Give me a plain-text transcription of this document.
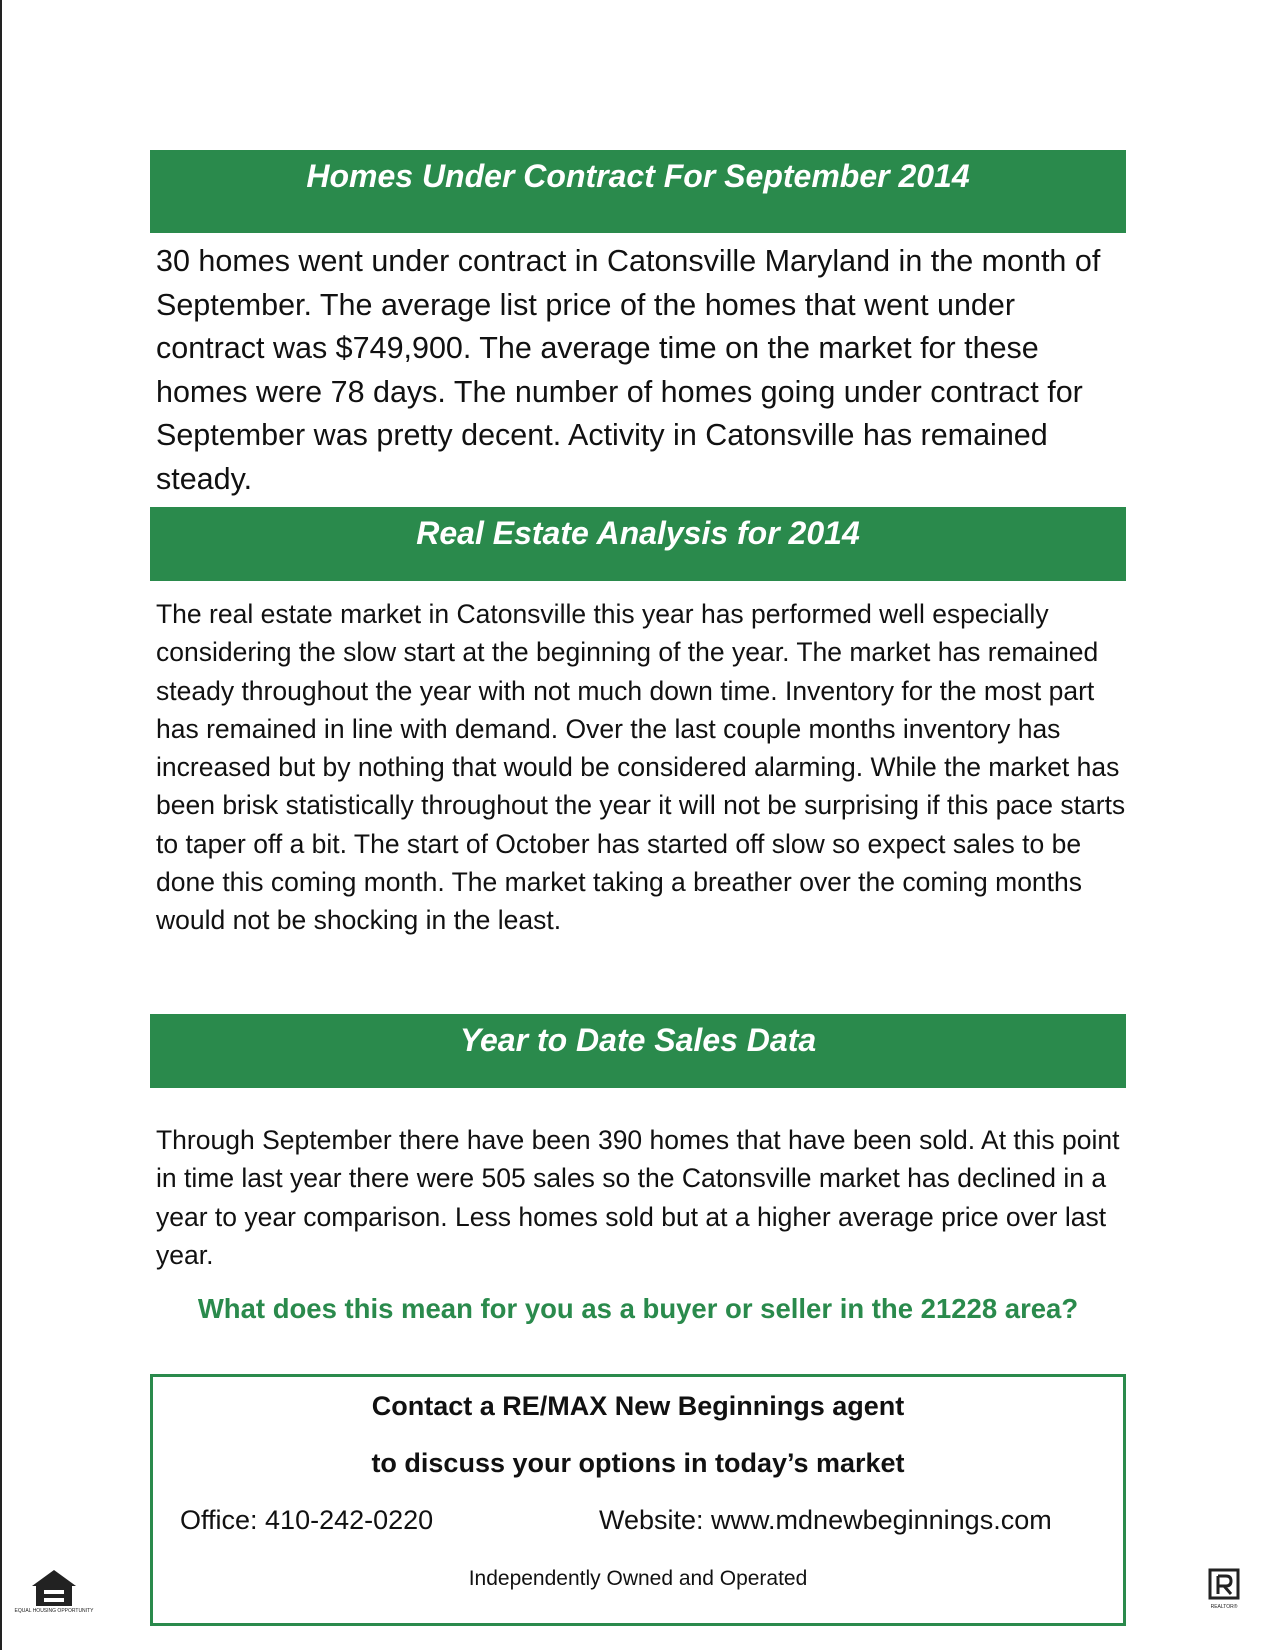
Homes Under Contract For September 2014

30 homes went under contract in Catonsville Maryland in the month of September. The average list price of the homes that went under contract was $749,900. The average time on the market for these homes were 78 days. The number of homes going under contract for September was pretty decent. Activity in Catonsville has remained steady.

Real Estate Analysis for 2014

The real estate market in Catonsville this year has performed well especially considering the slow start at the beginning of the year. The market has remained steady throughout the year with not much down time. Inventory for the most part has remained in line with demand. Over the last couple months inventory has increased but by nothing that would be considered alarming. While the market has been brisk statistically throughout the year it will not be surprising if this pace starts to taper off a bit. The start of October has started off slow so expect sales to be done this coming month. The market taking a breather over the coming months would not be shocking in the least.

Year to Date Sales Data

Through September there have been 390 homes that have been sold. At this point in time last year there were 505 sales so the Catonsville market has declined in a year to year comparison. Less homes sold but at a higher average price over last year.

What does this mean for you as a buyer or seller in the 21228 area?
Contact a RE/MAX New Beginnings agent
to discuss your options in today’s market
Office: 410-242-0220	Website: www.mdnewbeginnings.com
Independently Owned and Operated
EQUAL HOUSING OPPORTUNITY
REALTOR®
